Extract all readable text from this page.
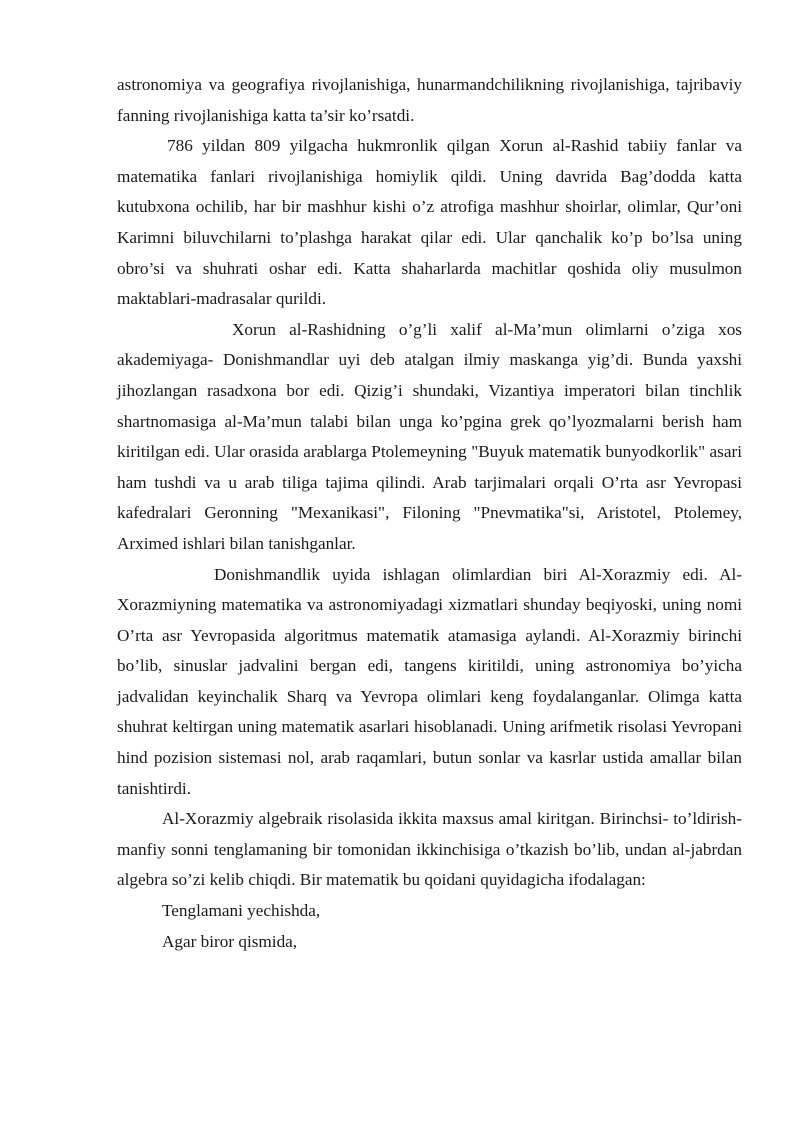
astronomiya va geografiya rivojlanishiga, hunarmandchilikning rivojlanishiga, tajribaviy fanning rivojlanishiga katta ta’sir ko’rsatdi.

786 yildan 809 yilgacha hukmronlik qilgan Xorun al-Rashid tabiiy fanlar va matematika fanlari rivojlanishiga homiylik qildi. Uning davrida Bag’dodda katta kutubxona ochilib, har bir mashhur kishi o’z atrofiga mashhur shoirlar, olimlar, Qur’oni Karimni biluvchilarni to’plashga harakat qilar edi. Ular qanchalik ko’p bo’lsa uning obro’si va shuhrati oshar edi. Katta shaharlarda machitlar qoshida oliy musulmon maktablari-madrasalar qurildi.

Xorun al-Rashidning o’g’li xalif al-Ma’mun olimlarni o’ziga xos akademiyaga- Donishmandlar uyi deb atalgan ilmiy maskanga yig’di. Bunda yaxshi jihozlangan rasadxona bor edi. Qizig’i shundaki, Vizantiya imperatori bilan tinchlik shartnomasiga al-Ma’mun talabi bilan unga ko’pgina grek qo’lyozmalarni berish ham kiritilgan edi. Ular orasida arablarga Ptolemeyning "Buyuk matematik bunyodkorlik" asari ham tushdi va u arab tiliga tajima qilindi. Arab tarjimalari orqali O’rta asr Yevropasi kafedralari Geronning "Mexanikasi", Filoning "Pnevmatika"si, Aristotel, Ptolemey, Arximed ishlari bilan tanishganlar.

Donishmandlik uyida ishlagan olimlardian biri Al-Xorazmiy edi. Al-Xorazmiyning matematika va astronomiyadagi xizmatlari shunday beqiyoski, uning nomi O’rta asr Yevropasida algoritmus matematik atamasiga aylandi. Al-Xorazmiy birinchi bo’lib, sinuslar jadvalini bergan edi, tangens kiritildi, uning astronomiya bo’yicha jadvalidan keyinchalik Sharq va Yevropa olimlari keng foydalanganlar. Olimga katta shuhrat keltirgan uning matematik asarlari hisoblanadi. Uning arifmetik risolasi Yevropani hind pozision sistemasi nol, arab raqamlari, butun sonlar va kasrlar ustida amallar bilan tanishtirdi.

Al-Xorazmiy algebraik risolasida ikkita maxsus amal kiritgan. Birinchsi- to’ldirish-manfiy sonni tenglamaning bir tomonidan ikkinchisiga o’tkazish bo’lib, undan al-jabrdan algebra so’zi kelib chiqdi. Bir matematik bu qoidani quyidagicha ifodalagan:

Tenglamani yechishda,

Agar biror qismida,
